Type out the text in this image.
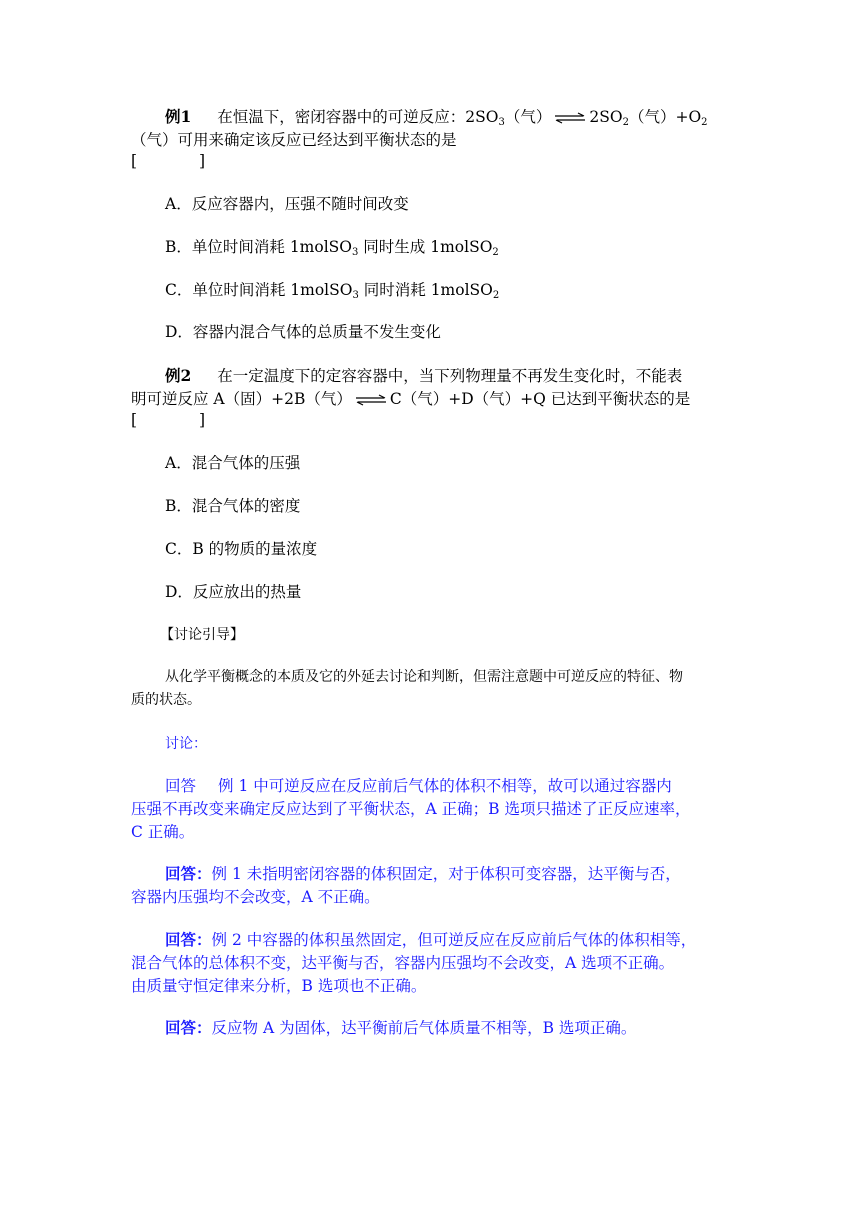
例1 在恒温下，密闭容器中的可逆反应：$2SO_3$（气） ⇌ $2SO_2$（气）$+O_2$
（气）可用来确定该反应已经达到平衡状态的是
[　　　　]
A．反应容器内，压强不随时间改变
B．单位时间消耗 1molSO$_3$ 同时生成 1molSO$_2$
C．单位时间消耗 1molSO$_3$ 同时消耗 1molSO$_2$
D．容器内混合气体的总质量不发生变化
例2 在一定温度下的定容容器中，当下列物理量不再发生变化时，不能表
明可逆反应 A（固）+2B（气） ⇌ C（气）+D（气）+Q 已达到平衡状态的是
[　　　　]
A．混合气体的压强
B．混合气体的密度
C．B 的物质的量浓度
D．反应放出的热量
【讨论引导】
从化学平衡概念的本质及它的外延去讨论和判断，但需注意题中可逆反应的特征、物
质的状态。
讨论：
回答 例 1 中可逆反应在反应前后气体的体积不相等，故可以通过容器内
压强不再改变来确定反应达到了平衡状态，A 正确；B 选项只描述了正反应速率，
C 正确。
回答：例 1 未指明密闭容器的体积固定，对于体积可变容器，达平衡与否，
容器内压强均不会改变，A 不正确。
回答：例 2 中容器的体积虽然固定，但可逆反应在反应前后气体的体积相等，
混合气体的总体积不变，达平衡与否，容器内压强均不会改变，A 选项不正确。
由质量守恒定律来分析，B 选项也不正确。
回答：反应物 A 为固体，达平衡前后气体质量不相等，B 选项正确。
